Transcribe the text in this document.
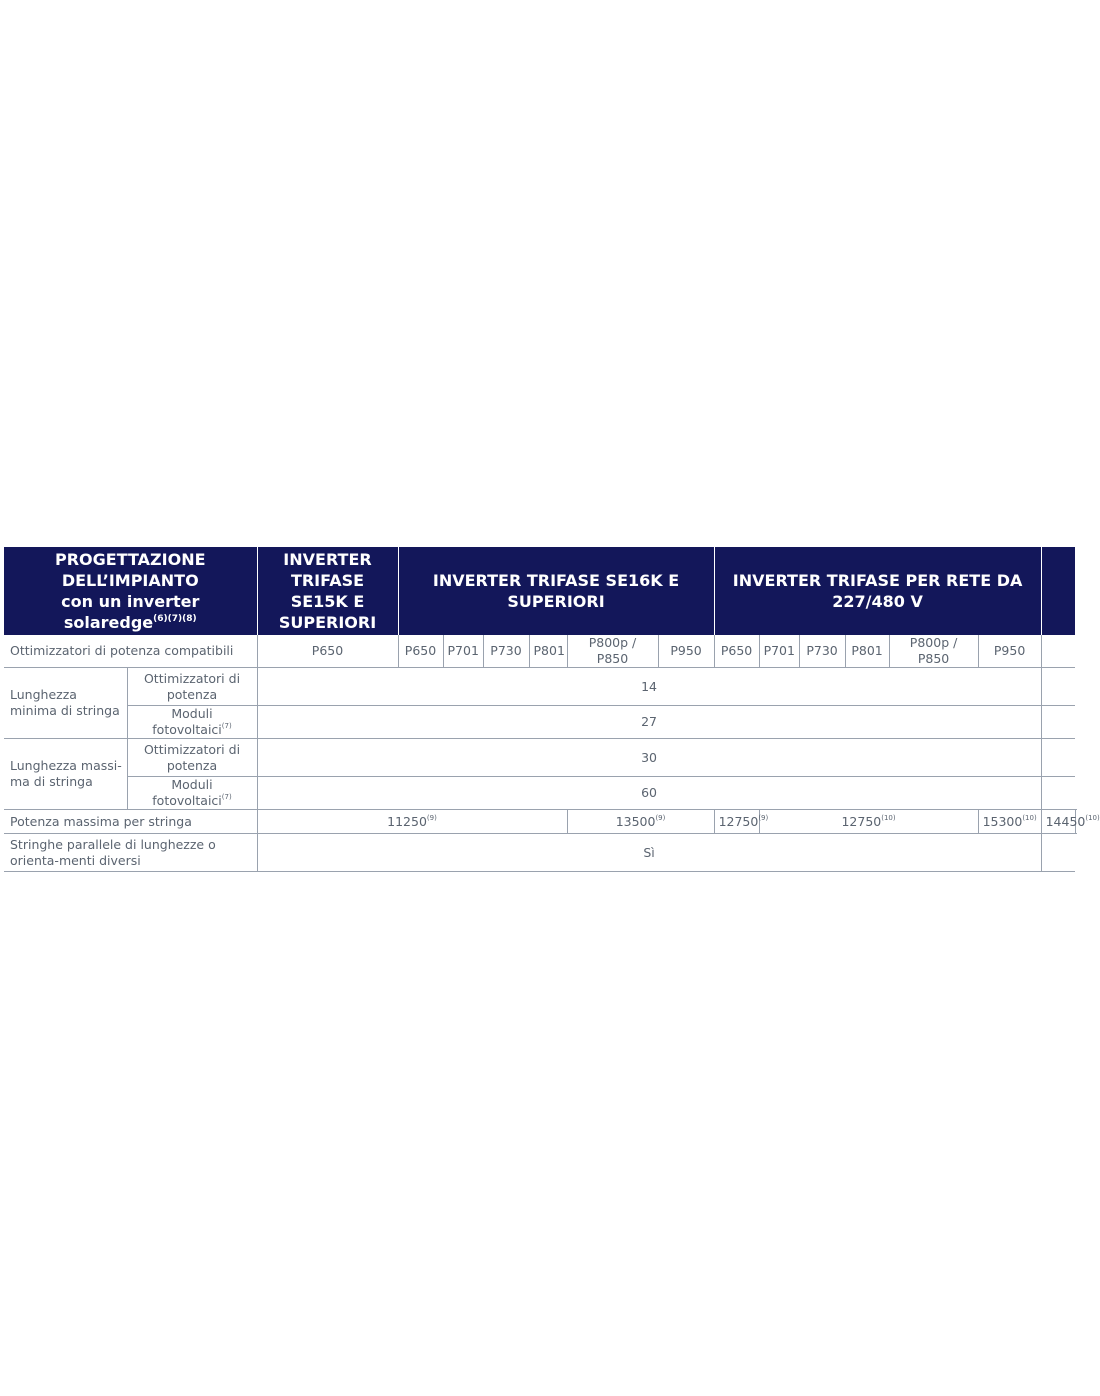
PROGETTAZIONE
DELL’IMPIANTO
con un inverter solaredge$^{(6)(7)(8)}$		INVERTER TRIFASE SE15K E SUPERIORI	INVERTER TRIFASE SE16K E SUPERIORI						INVERTER TRIFASE PER RETE DA 227/480 V							
Ottimizzatori di potenza compatibili		P650	P650	P701	P730	P801	P800p / P850	P950	P650	P701	P730	P801	P800p / P850	P950		
Lunghezza minima di stringa	Ottimizzatori di potenza	14														
	Moduli fotovoltaici$^{(7)}$	27														
Lunghezza massi-ma di stringa	Ottimizzatori di potenza	30														
	Moduli fotovoltaici$^{(7)}$	60														
Potenza massima per stringa		11250$^{(9)}$					13500$^{(9)}$		12750$^{(9)}$	12750$^{(10)}$				15300$^{(10)}$	14450$^{(10)}$	
Stringhe parallele di lunghezze o orienta-menti diversi		Sì														
